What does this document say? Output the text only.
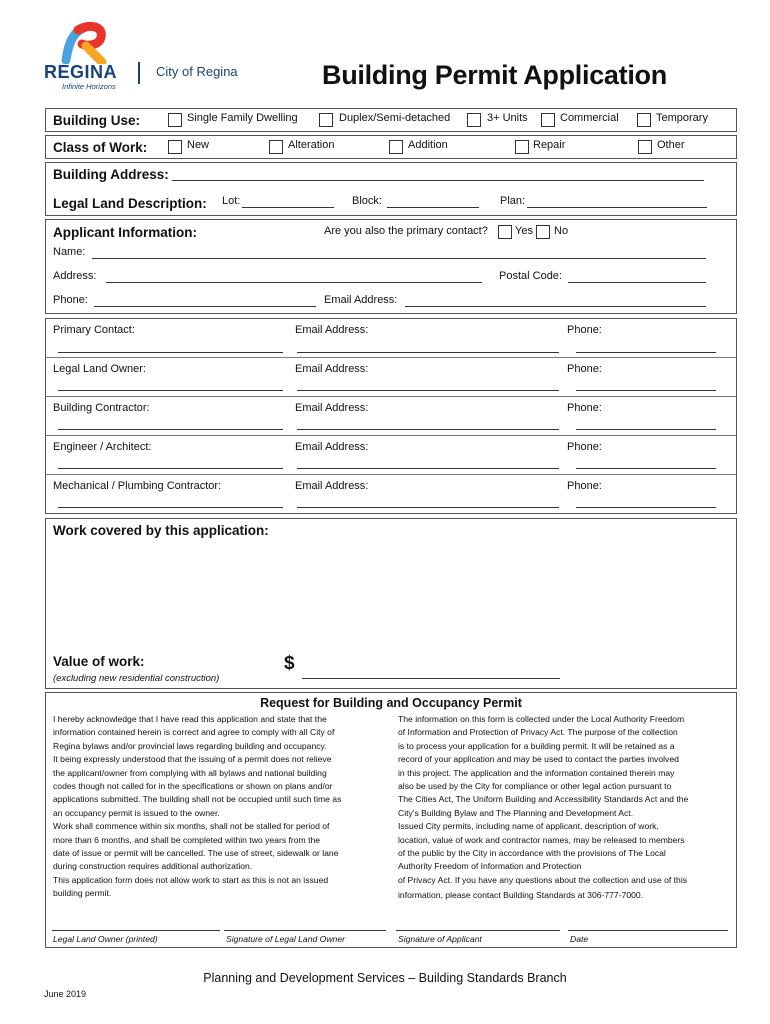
REGINA
Infinite Horizons
City of Regina	Building Permit Application
Building Use:	Single Family Dwelling	Duplex/Semi-detached	3+ Units	Commercial	Temporary
Class of Work:	New	Alteration	Addition	Repair	Other
Building Address:
Legal Land Description: Lot:	Block:	Plan:
Applicant Information:	Are you also the primary contact? Yes No
Name:
Address:	Postal Code:
Phone:	Email Address:
Primary Contact:	Email Address:	Phone:
Legal Land Owner:	Email Address:	Phone:
Building Contractor:	Email Address:	Phone:
Engineer / Architect:	Email Address:	Phone:
Mechanical / Plumbing Contractor:	Email Address:	Phone:
Work covered by this application:
Value of work:
(excluding new residential construction)
$
Request for Building and Occupancy Permit
I hereby acknowledge that I have read this application and state that the
information contained herein is correct and agree to comply with all City of
Regina bylaws and/or provincial laws regarding building and occupancy.
It being expressly understood that the issuing of a permit does not relieve
the applicant/owner from complying with all bylaws and national building
codes though not called for in the specifications or shown on plans and/or
applications submitted. The building shall not be occupied until such time as
an occupancy permit is issued to the owner.
Work shall commence within six months, shall not be stalled for period of
more than 6 months, and shall be completed within two years from the
date of issue or permit will be cancelled. The use of street, sidewalk or lane
during construction requires additional authorization.
This application form does not allow work to start as this is not an issued
building permit.
The information on this form is collected under the Local Authority Freedom
of Information and Protection of Privacy Act. The purpose of the collection
is to process your application for a building permit. It will be retained as a
record of your application and may be used to contact the parties involved
in this project. The application and the information contained therein may
also be used by the City for compliance or other legal action pursuant to
The Cities Act, The Uniform Building and Accessibility Standards Act and the
City's Building Bylaw and The Planning and Development Act.
Issued City permits, including name of applicant, description of work,
location, value of work and contractor names, may be released to members
of the public by the City in accordance with the provisions of The Local
Authority Freedom of Information and Protection
of Privacy Act. If you have any questions about the collection and use of this
information, please contact Building Standards at 306-777-7000.
Legal Land Owner (printed)	Signature of Legal Land Owner	Signature of Applicant	Date
Planning and Development Services – Building Standards Branch
June 2019
